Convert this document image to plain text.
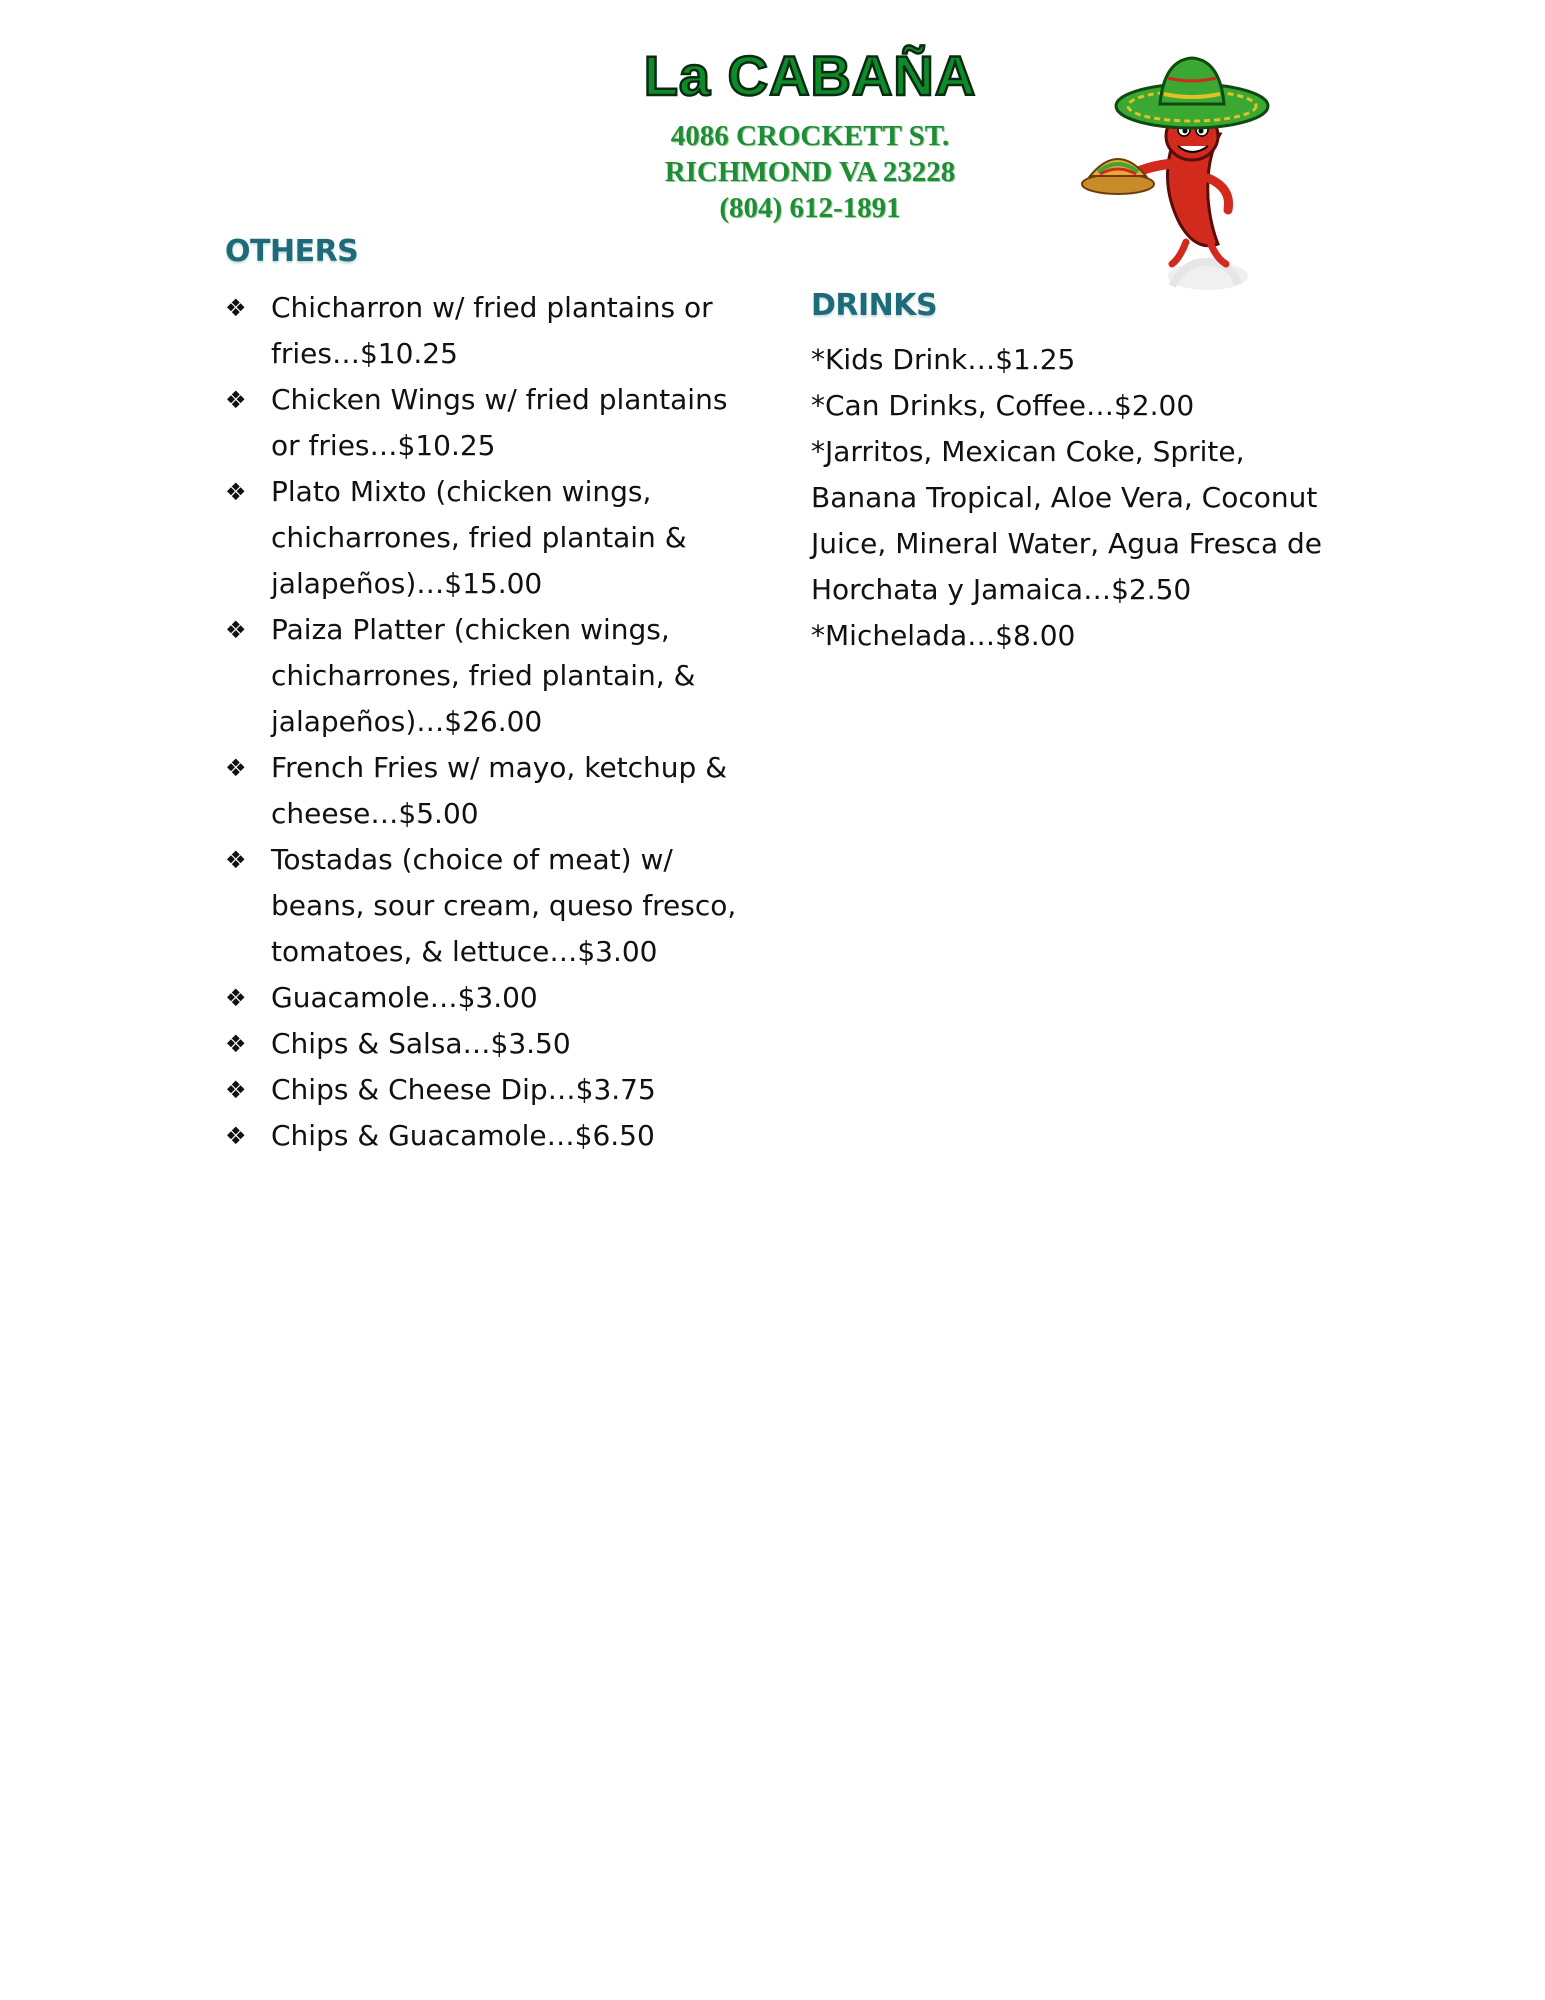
La CABAÑA
4086 CROCKETT ST.
RICHMOND VA 23228
(804) 612-1891
OTHERS
❖ Chicharron w/ fried plantains or fries…$10.25
❖ Chicken Wings w/ fried plantains or fries…$10.25
❖ Plato Mixto (chicken wings, chicharrones, fried plantain & jalapeños)…$15.00
❖ Paiza Platter (chicken wings, chicharrones, fried plantain, & jalapeños)…$26.00
❖ French Fries w/ mayo, ketchup & cheese…$5.00
❖ Tostadas (choice of meat) w/ beans, sour cream, queso fresco, tomatoes, & lettuce…$3.00
❖ Guacamole…$3.00
❖ Chips & Salsa…$3.50
❖ Chips & Cheese Dip…$3.75
❖ Chips & Guacamole…$6.50
DRINKS
*Kids Drink…$1.25
*Can Drinks, Coffee…$2.00
*Jarritos, Mexican Coke, Sprite, Banana Tropical, Aloe Vera, Coconut Juice, Mineral Water, Agua Fresca de Horchata y Jamaica…$2.50
*Michelada…$8.00
